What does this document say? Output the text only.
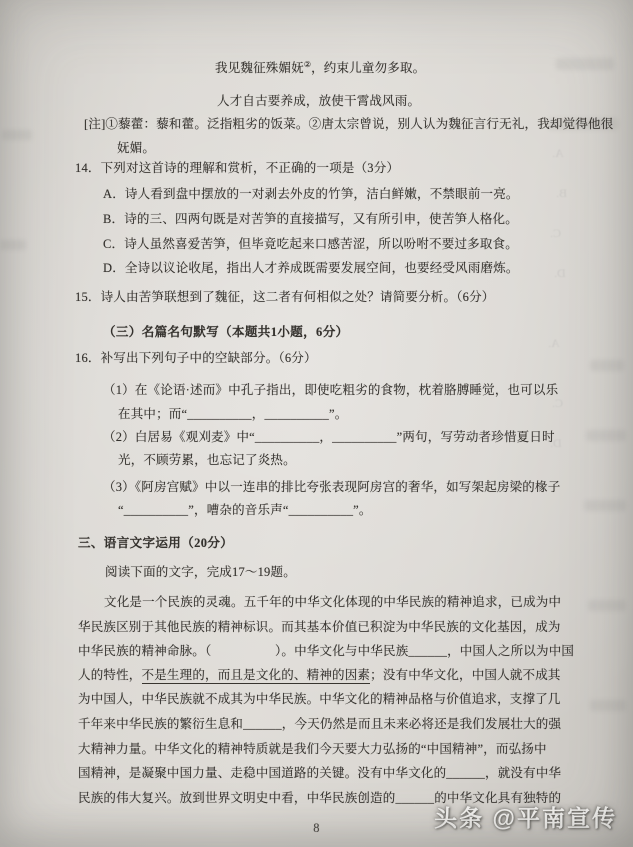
A.
B.
C.
D.
A.
C.
D.
我见魏征殊媚妩②，约束儿童勿多取。
人才自古要养成，放使干霄战风雨。
[注]①藜藿：藜和藿。泛指粗劣的饭菜。②唐太宗曾说，别人认为魏征言行无礼，我却觉得他很
妩媚。
14．下列对这首诗的理解和赏析，不正确的一项是（3分）
A．诗人看到盘中摆放的一对剥去外皮的竹笋，洁白鲜嫩，不禁眼前一亮。
B．诗的三、四两句既是对苦笋的直接描写，又有所引申，使苦笋人格化。
C．诗人虽然喜爱苦笋，但毕竟吃起来口感苦涩，所以吩咐不要过多取食。
D．全诗以议论收尾，指出人才养成既需要发展空间，也要经受风雨磨炼。
15．诗人由苦笋联想到了魏征，这二者有何相似之处？请简要分析。（6分）
（三）名篇名句默写（本题共1小题，6分）
16．补写出下列句子中的空缺部分。（6分）
（1）在《论语·述而》中孔子指出，即使吃粗劣的食物，枕着胳膊睡觉，也可以乐
在其中；而“__________，__________”。
（2）白居易《观刈麦》中“__________，__________”两句，写劳动者珍惜夏日时
光，不顾劳累，也忘记了炎热。
（3）《阿房宫赋》中以一连串的排比夸张表现阿房宫的奢华，如写架起房梁的椽子
“__________”，嘈杂的音乐声“__________”。
三、语言文字运用（20分）
阅读下面的文字，完成17～19题。
文化是一个民族的灵魂。五千年的中华文化体现的中华民族的精神追求，已成为中
华民族区别于其他民族的精神标识。而其基本价值已积淀为中华民族的文化基因，成为
中华民族的精神命脉。（　　　　　）。中华文化与中华民族______，中国人之所以为中国
人的特性，不是生理的，而且是文化的、精神的因素；没有中华文化，中国人就不成其
为中国人，中华民族就不成其为中华民族。中华文化的精神品格与价值追求，支撑了几
千年来中华民族的繁衍生息和______，今天仍然是而且未来必将还是我们发展壮大的强
大精神力量。中华文化的精神特质就是我们今天要大力弘扬的“中国精神”，而弘扬中
国精神，是凝聚中国力量、走稳中国道路的关键。没有中华文化的______，就没有中华
民族的伟大复兴。放到世界文明史中看，中华民族创造的______的中华文化具有独特的
8	头条 @平南宣传
